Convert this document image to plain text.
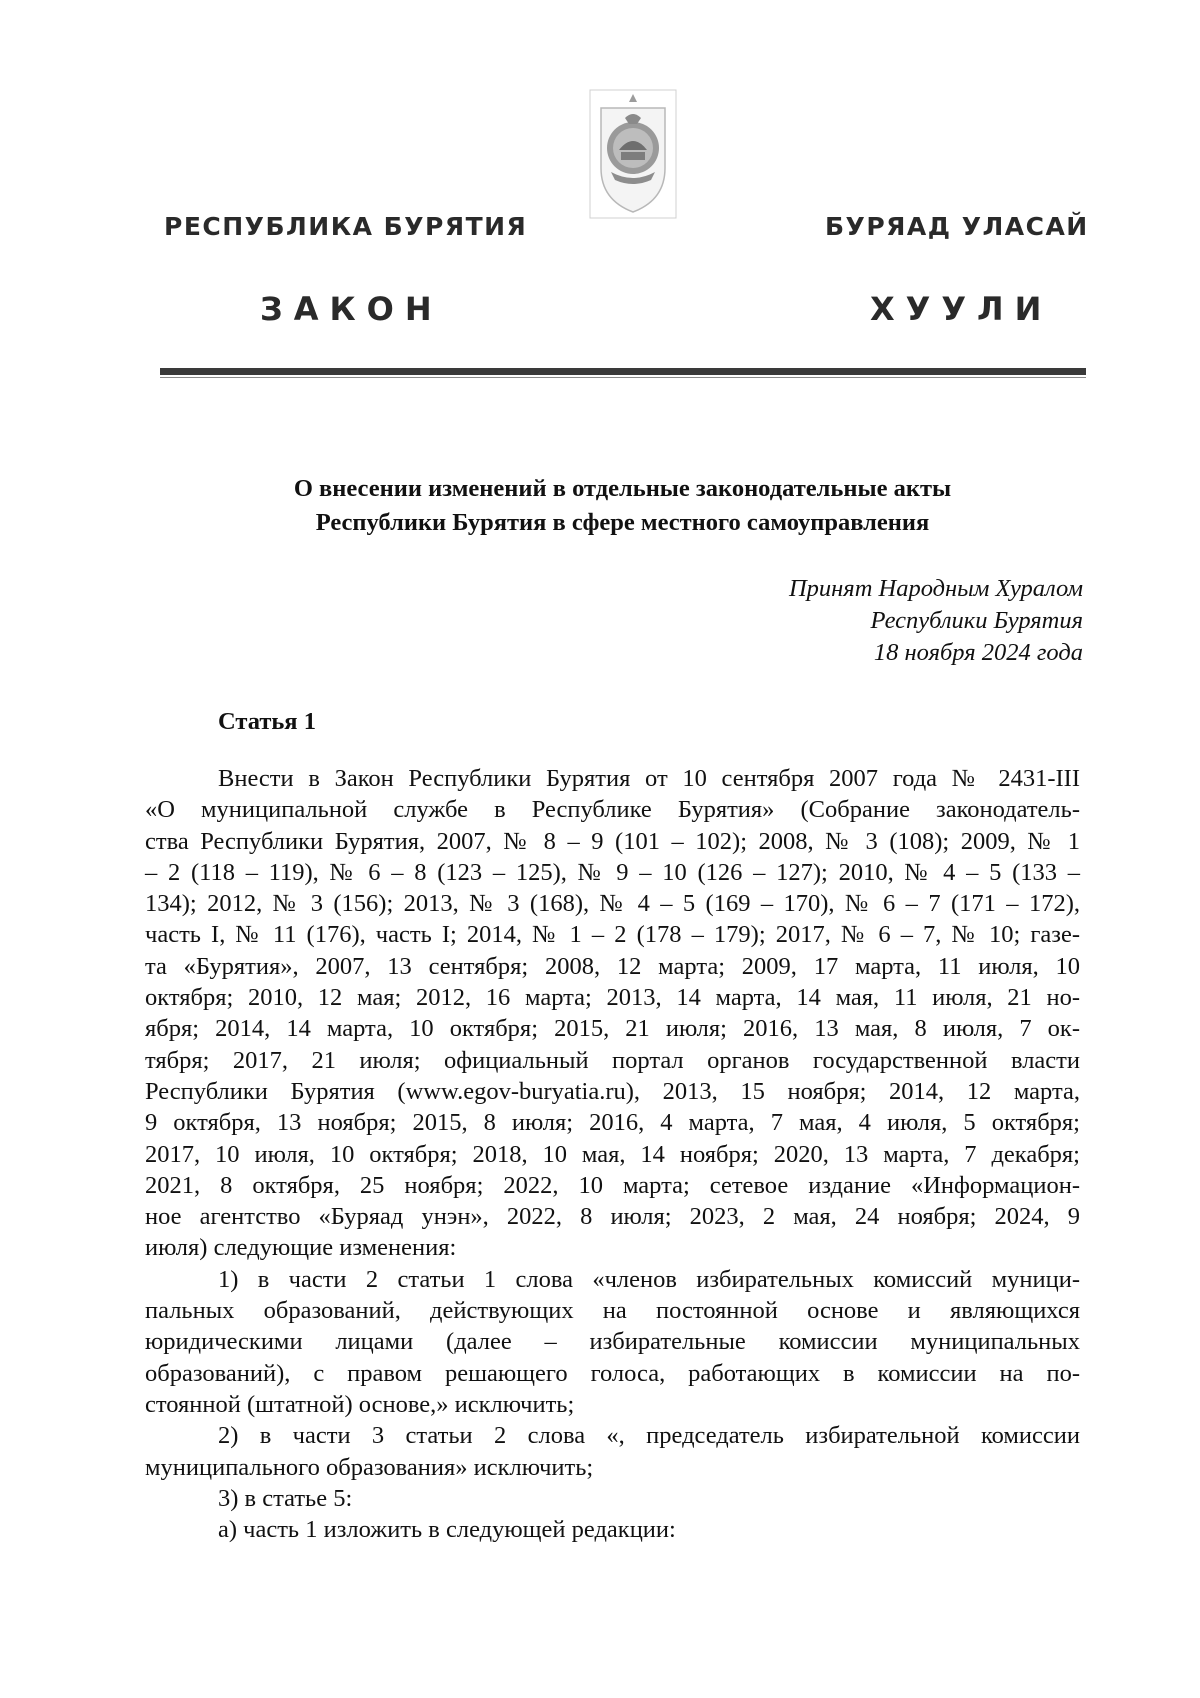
РЕСПУБЛИКА БУРЯТИЯ	БУРЯАД УЛАСАЙ
ЗАКОН	ХУУЛИ
О внесении изменений в отдельные законодательные акты
Республики Бурятия в сфере местного самоуправления
Принят Народным Хуралом
Республики Бурятия
18 ноября 2024 года
Статья 1
Внести в Закон Республики Бурятия от 10 сентября 2007 года № 2431-III
«О муниципальной службе в Республике Бурятия» (Собрание законодатель-
ства Республики Бурятия, 2007, № 8 – 9 (101 – 102); 2008, № 3 (108); 2009, № 1
– 2 (118 – 119), № 6 – 8 (123 – 125), № 9 – 10 (126 – 127); 2010, № 4 – 5 (133 –
134); 2012, № 3 (156); 2013, № 3 (168), № 4 – 5 (169 – 170), № 6 – 7 (171 – 172),
часть I, № 11 (176), часть I; 2014, № 1 – 2 (178 – 179); 2017, № 6 – 7, № 10; газе-
та «Бурятия», 2007, 13 сентября; 2008, 12 марта; 2009, 17 марта, 11 июля, 10
октября; 2010, 12 мая; 2012, 16 марта; 2013, 14 марта, 14 мая, 11 июля, 21 но-
ября; 2014, 14 марта, 10 октября; 2015, 21 июля; 2016, 13 мая, 8 июля, 7 ок-
тября; 2017, 21 июля; официальный портал органов государственной власти
Республики Бурятия (www.egov-buryatia.ru), 2013, 15 ноября; 2014, 12 марта,
9 октября, 13 ноября; 2015, 8 июля; 2016, 4 марта, 7 мая, 4 июля, 5 октября;
2017, 10 июля, 10 октября; 2018, 10 мая, 14 ноября; 2020, 13 марта, 7 декабря;
2021, 8 октября, 25 ноября; 2022, 10 марта; сетевое издание «Информацион-
ное агентство «Буряад унэн», 2022, 8 июля; 2023, 2 мая, 24 ноября; 2024, 9
июля) следующие изменения:
1) в части 2 статьи 1 слова «членов избирательных комиссий муници-
пальных образований, действующих на постоянной основе и являющихся
юридическими лицами (далее – избирательные комиссии муниципальных
образований), с правом решающего голоса, работающих в комиссии на по-
стоянной (штатной) основе,» исключить;
2) в части 3 статьи 2 слова «, председатель избирательной комиссии
муниципального образования» исключить;
3) в статье 5:
а) часть 1 изложить в следующей редакции:
